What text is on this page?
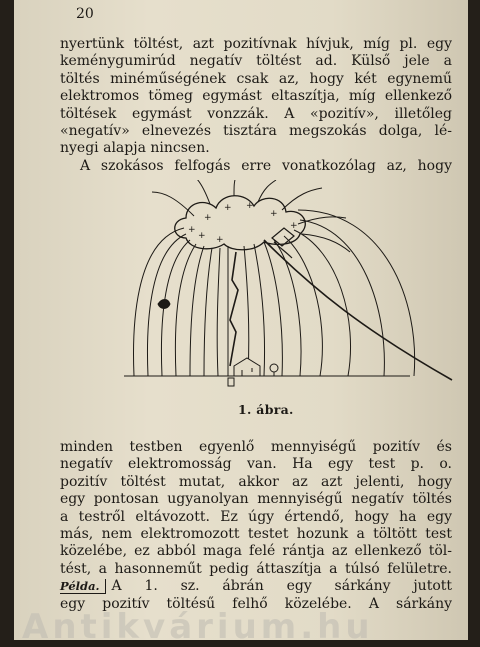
20
nyertünk töltést, azt pozitívnak hívjuk, míg pl. egy
keménygumirúd negatív töltést ad. Külső jele a
töltés minéműségének csak az, hogy két egynemű
elektromos tömeg egymást eltaszítja, míg ellenkező
töltések egymást vonzzák. A «pozitív», illetőleg
«negatív» elnevezés tisztára megszokás dolga, lé-
nyegi alapja nincsen.
A szokásos felfogás erre vonatkozólag az, hogy
+
+
+ +
+
+
+ +
1. ábra.
minden testben egyenlő mennyiségű pozitív és
negatív elektromosság van. Ha egy test p. o.
pozitív töltést mutat, akkor az azt jelenti, hogy
egy pontosan ugyanolyan mennyiségű negatív töltés
a testről eltávozott. Ez úgy értendő, hogy ha egy
más, nem elektromozott testet hozunk a töltött test
közelébe, ez abból maga felé rántja az ellenkező töl-
tést, a hasonneműt pedig áttaszítja a túlsó felületre.
Példa. A 1. sz. ábrán egy sárkány jutott
egy pozitív töltésű felhő közelébe. A sárkány
Antikvárium.hu
